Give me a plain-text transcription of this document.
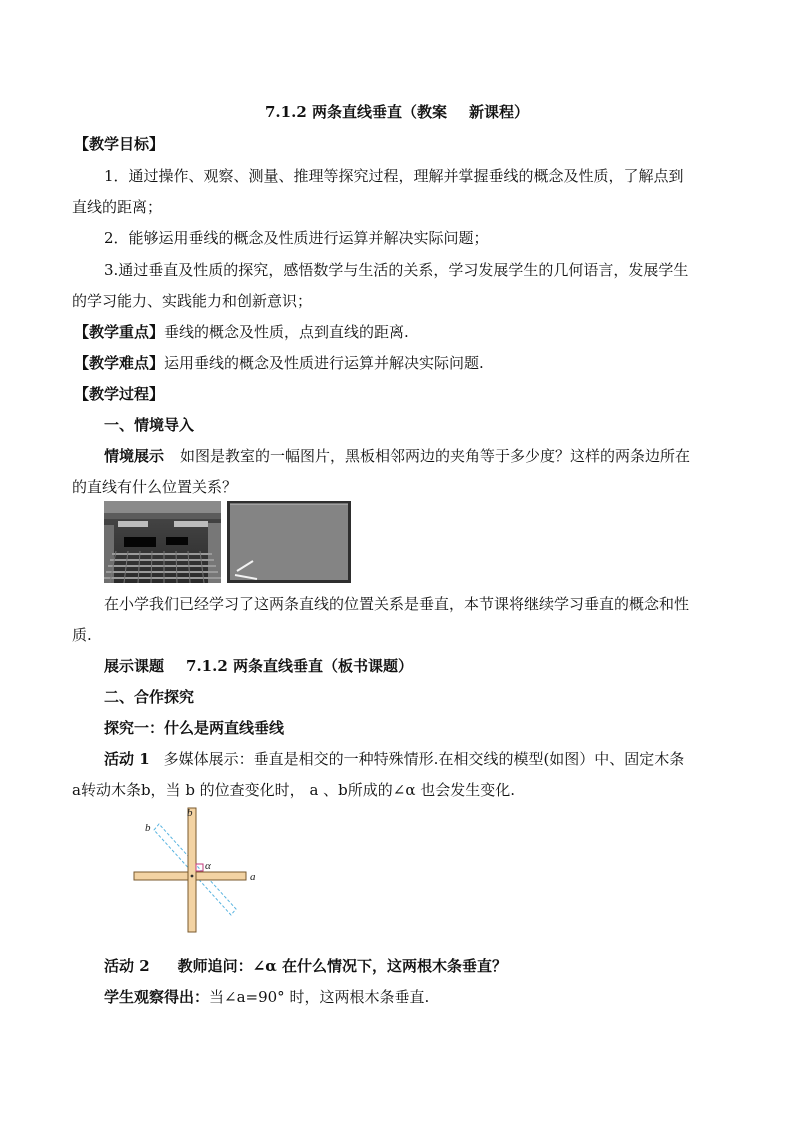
7.1.2 两条直线垂直（教案 新课程）
【教学目标】
1．通过操作、观察、测量、推理等探究过程，理解并掌握垂线的概念及性质，了解点到
直线的距离；
2．能够运用垂线的概念及性质进行运算并解决实际问题；
3.通过垂直及性质的探究，感悟数学与生活的关系，学习发展学生的几何语言，发展学生
的学习能力、实践能力和创新意识；
【教学重点】垂线的概念及性质，点到直线的距离.
【教学难点】运用垂线的概念及性质进行运算并解决实际问题.
【教学过程】
一、情境导入
情境展示 如图是教室的一幅图片，黑板相邻两边的夹角等于多少度？这样的两条边所在
的直线有什么位置关系？
在小学我们已经学习了这两条直线的位置关系是垂直，本节课将继续学习垂直的概念和性
质.
展示课题 7.1.2 两条直线垂直（板书课题）
二、合作探究
探究一：什么是两直线垂线
活动 1 多媒体展示：垂直是相交的一种特殊情形.在相交线的模型(如图）中、固定木条
a转动木条b，当 b 的位查变化时， a 、b所成的∠α 也会发生变化.
b
b
α
a
活动 2 教师追问：∠α 在什么情况下，这两根木条垂直？
学生观察得出：当∠a=90° 时，这两根木条垂直.
